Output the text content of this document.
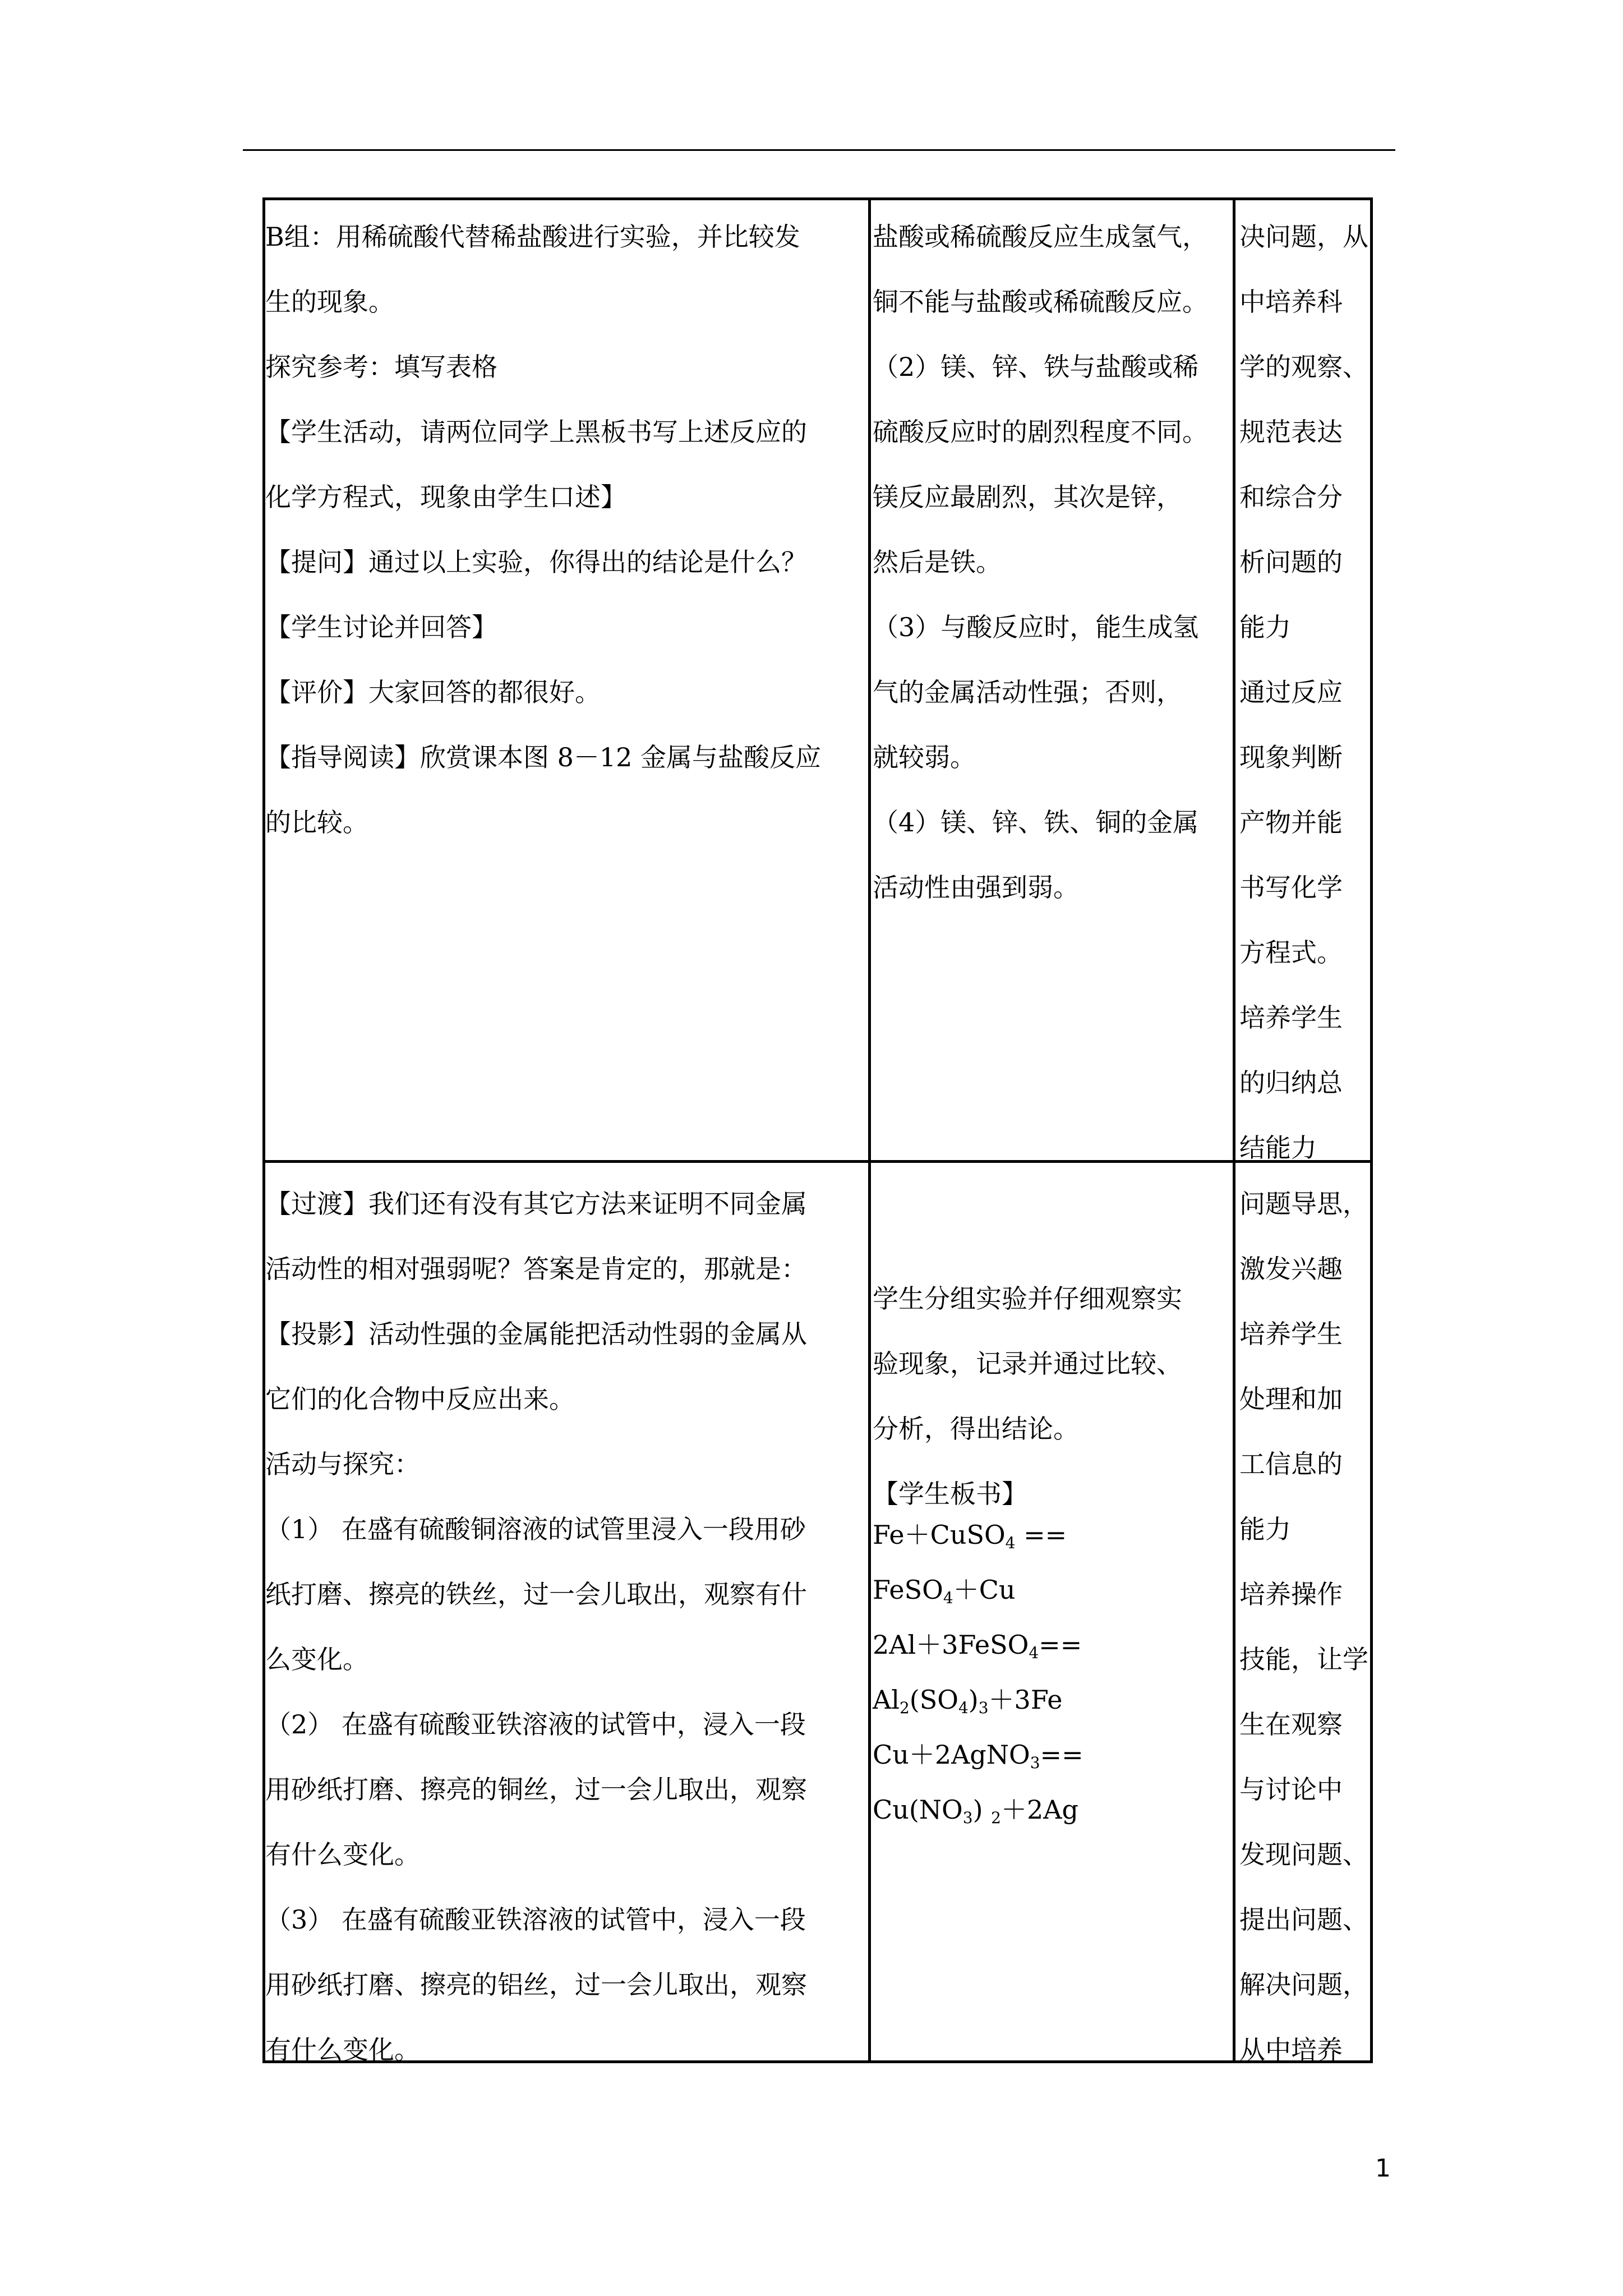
B组：用稀硫酸代替稀盐酸进行实验，并比较发

生的现象。

探究参考：填写表格

【学生活动，请两位同学上黑板书写上述反应的

化学方程式，现象由学生口述】

【提问】通过以上实验，你得出的结论是什么？

【学生讨论并回答】

【评价】大家回答的都很好。

【指导阅读】欣赏课本图 8－12 金属与盐酸反应

的比较。

盐酸或稀硫酸反应生成氢气，

铜不能与盐酸或稀硫酸反应。

（2）镁、锌、铁与盐酸或稀

硫酸反应时的剧烈程度不同。

镁反应最剧烈，其次是锌，

然后是铁。

（3）与酸反应时，能生成氢

气的金属活动性强；否则，

就较弱。

（4）镁、锌、铁、铜的金属

活动性由强到弱。

决问题，从

中培养科

学的观察、

规范表达

和综合分

析问题的

能力

通过反应

现象判断

产物并能

书写化学

方程式。

培养学生

的归纳总

结能力

【过渡】我们还有没有其它方法来证明不同金属

活动性的相对强弱呢？答案是肯定的，那就是：

【投影】活动性强的金属能把活动性弱的金属从

它们的化合物中反应出来。

活动与探究：

（1） 在盛有硫酸铜溶液的试管里浸入一段用砂

纸打磨、擦亮的铁丝，过一会儿取出，观察有什

么变化。

（2） 在盛有硫酸亚铁溶液的试管中，浸入一段

用砂纸打磨、擦亮的铜丝，过一会儿取出，观察

有什么变化。

（3） 在盛有硫酸亚铁溶液的试管中，浸入一段

用砂纸打磨、擦亮的铝丝，过一会儿取出，观察

有什么变化。

学生分组实验并仔细观察实

验现象，记录并通过比较、

分析，得出结论。

【学生板书】

Fe＋CuSO$_4$ ==

FeSO$_4$＋Cu

2Al＋3FeSO$_4$==

$Al_2(SO_4)_3+3Fe$

Cu＋2AgNO$_3$==

$Cu(NO_3)$ $_2$＋2Ag

问题导思，

激发兴趣

培养学生

处理和加

工信息的

能力

培养操作

技能，让学

生在观察

与讨论中

发现问题、

提出问题、

解决问题，

从中培养

1
